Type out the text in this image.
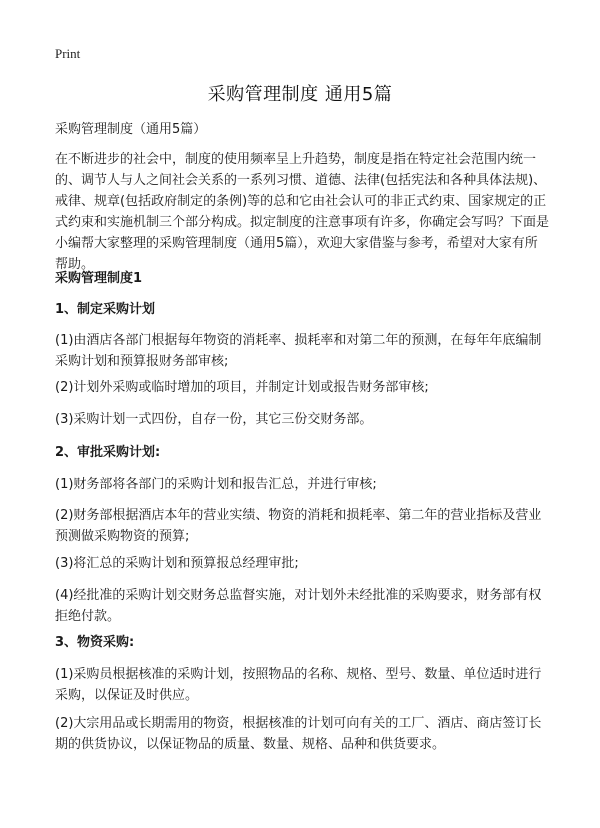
Print
采购管理制度 通用5篇
采购管理制度（通用5篇）
在不断进步的社会中，制度的使用频率呈上升趋势，制度是指在特定社会范围内统一的、调节人与人之间社会关系的一系列习惯、道德、法律(包括宪法和各种具体法规)、戒律、规章(包括政府制定的条例)等的总和它由社会认可的非正式约束、国家规定的正式约束和实施机制三个部分构成。拟定制度的注意事项有许多，你确定会写吗？下面是小编帮大家整理的采购管理制度（通用5篇），欢迎大家借鉴与参考，希望对大家有所帮助。
采购管理制度1
1、制定采购计划
(1)由酒店各部门根据每年物资的消耗率、损耗率和对第二年的预测，在每年年底编制采购计划和预算报财务部审核;
(2)计划外采购或临时增加的项目，并制定计划或报告财务部审核;
(3)采购计划一式四份，自存一份，其它三份交财务部。
2、审批采购计划:
(1)财务部将各部门的采购计划和报告汇总，并进行审核;
(2)财务部根据酒店本年的营业实绩、物资的消耗和损耗率、第二年的营业指标及营业预测做采购物资的预算;
(3)将汇总的采购计划和预算报总经理审批;
(4)经批准的采购计划交财务总监督实施，对计划外未经批准的采购要求，财务部有权拒绝付款。
3、物资采购:
(1)采购员根据核准的采购计划，按照物品的名称、规格、型号、数量、单位适时进行采购，以保证及时供应。
(2)大宗用品或长期需用的物资，根据核准的计划可向有关的工厂、酒店、商店签订长期的供货协议，以保证物品的质量、数量、规格、品种和供货要求。
